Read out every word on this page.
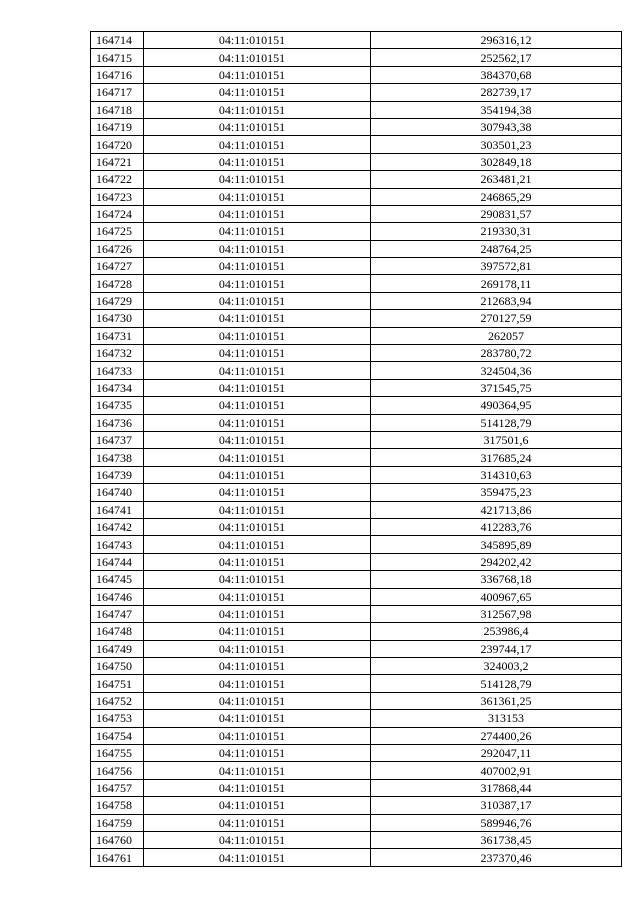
164714	04:11:010151	296316,12
164715	04:11:010151	252562,17
164716	04:11:010151	384370,68
164717	04:11:010151	282739,17
164718	04:11:010151	354194,38
164719	04:11:010151	307943,38
164720	04:11:010151	303501,23
164721	04:11:010151	302849,18
164722	04:11:010151	263481,21
164723	04:11:010151	246865,29
164724	04:11:010151	290831,57
164725	04:11:010151	219330,31
164726	04:11:010151	248764,25
164727	04:11:010151	397572,81
164728	04:11:010151	269178,11
164729	04:11:010151	212683,94
164730	04:11:010151	270127,59
164731	04:11:010151	262057
164732	04:11:010151	283780,72
164733	04:11:010151	324504,36
164734	04:11:010151	371545,75
164735	04:11:010151	490364,95
164736	04:11:010151	514128,79
164737	04:11:010151	317501,6
164738	04:11:010151	317685,24
164739	04:11:010151	314310,63
164740	04:11:010151	359475,23
164741	04:11:010151	421713,86
164742	04:11:010151	412283,76
164743	04:11:010151	345895,89
164744	04:11:010151	294202,42
164745	04:11:010151	336768,18
164746	04:11:010151	400967,65
164747	04:11:010151	312567,98
164748	04:11:010151	253986,4
164749	04:11:010151	239744,17
164750	04:11:010151	324003,2
164751	04:11:010151	514128,79
164752	04:11:010151	361361,25
164753	04:11:010151	313153
164754	04:11:010151	274400,26
164755	04:11:010151	292047,11
164756	04:11:010151	407002,91
164757	04:11:010151	317868,44
164758	04:11:010151	310387,17
164759	04:11:010151	589946,76
164760	04:11:010151	361738,45
164761	04:11:010151	237370,46
